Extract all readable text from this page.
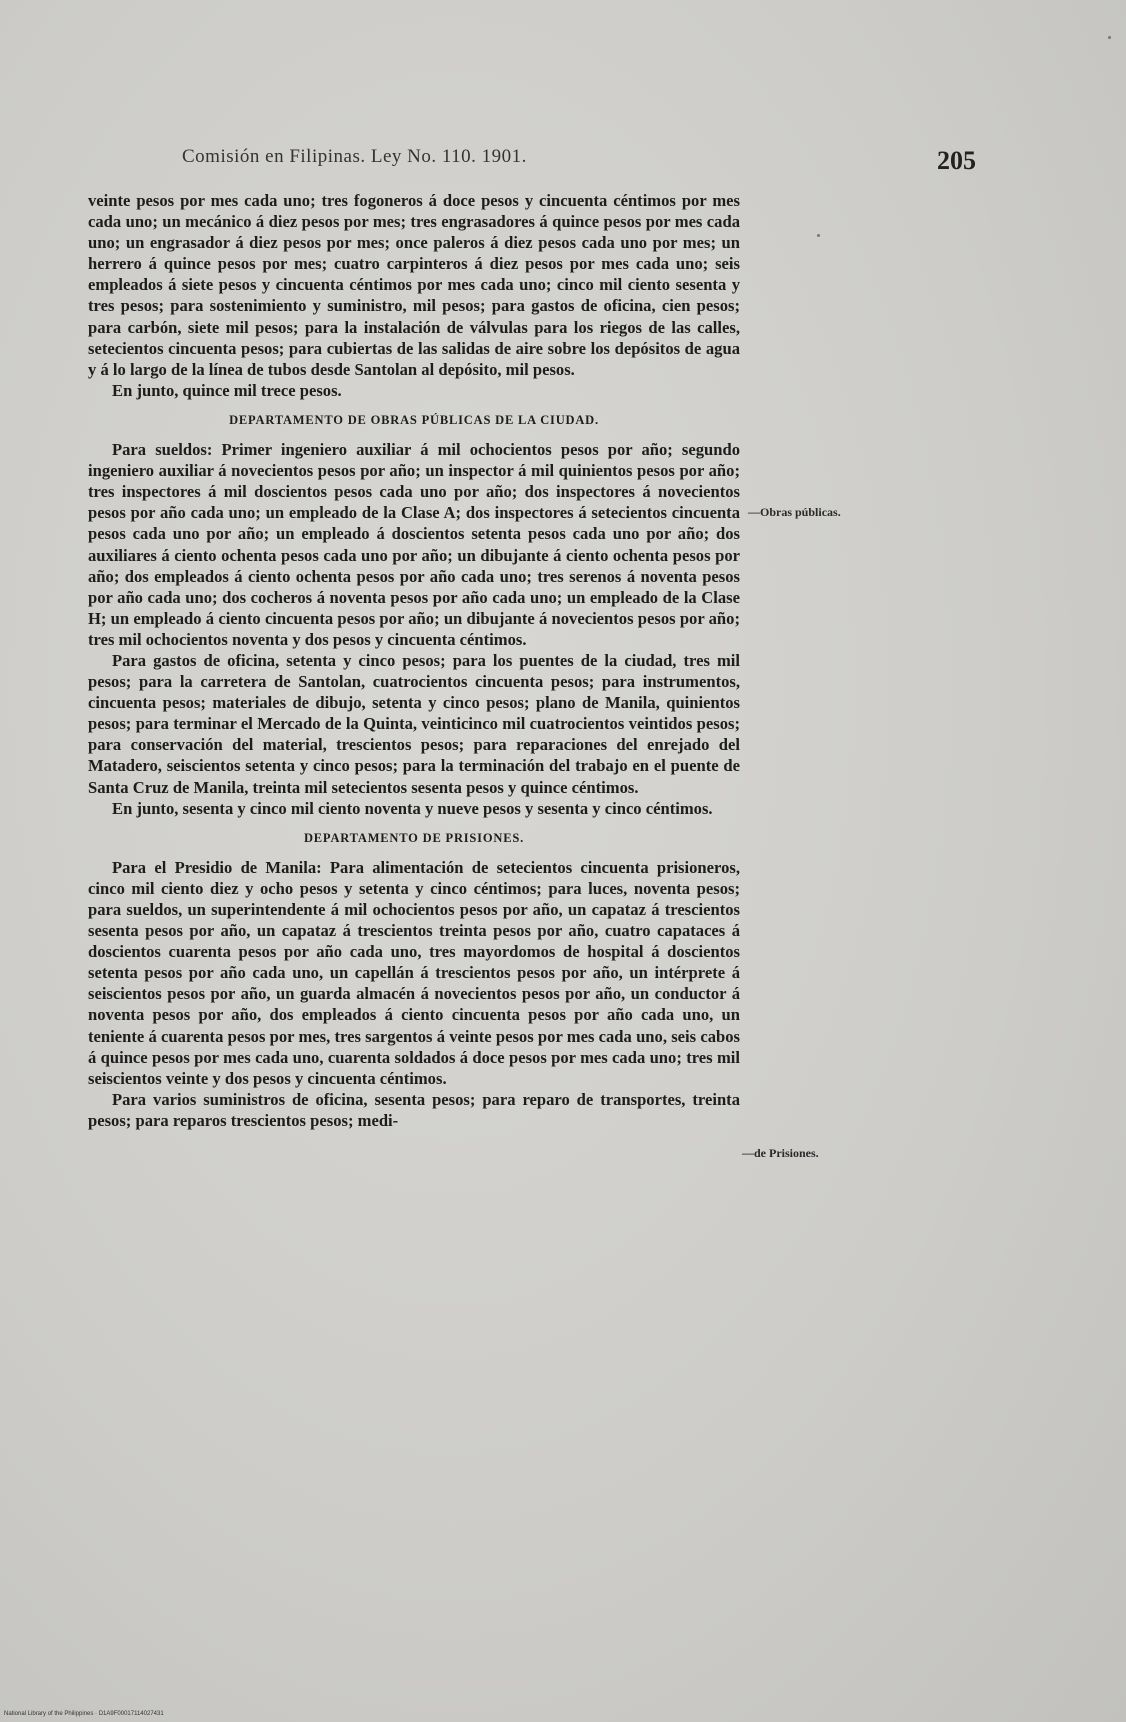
Comisión en Filipinas. Ley No. 110. 1901.	205

veinte pesos por mes cada uno; tres fogoneros á doce pesos y cincuenta céntimos por mes cada uno; un mecánico á diez pesos por mes; tres engrasadores á quince pesos por mes cada uno; un engrasador á diez pesos por mes; once paleros á diez pesos cada uno por mes; un herrero á quince pesos por mes; cuatro carpinteros á diez pesos por mes cada uno; seis empleados á siete pesos y cincuenta céntimos por mes cada uno; cinco mil ciento sesenta y tres pesos; para sostenimiento y suministro, mil pesos; para gastos de oficina, cien pesos; para carbón, siete mil pesos; para la instalación de válvulas para los riegos de las calles, setecientos cincuenta pesos; para cubiertas de las salidas de aire sobre los depósitos de agua y á lo largo de la línea de tubos desde Santolan al depósito, mil pesos.

En junto, quince mil trece pesos.

DEPARTAMENTO DE OBRAS PÚBLICAS DE LA CIUDAD.

Para sueldos: Primer ingeniero auxiliar á mil ochocientos pesos por año; segundo ingeniero auxiliar á novecientos pesos por año; un inspector á mil quinientos pesos por año; tres inspectores á mil doscientos pesos cada uno por año; dos inspectores á novecientos pesos por año cada uno; un empleado de la Clase A; dos inspectores á setecientos cincuenta pesos cada uno por año; un empleado á doscientos setenta pesos cada uno por año; dos auxiliares á ciento ochenta pesos cada uno por año; un dibujante á ciento ochenta pesos por año; dos empleados á ciento ochenta pesos por año cada uno; tres serenos á noventa pesos por año cada uno; dos cocheros á noventa pesos por año cada uno; un empleado de la Clase H; un empleado á ciento cincuenta pesos por año; un dibujante á novecientos pesos por año; tres mil ochocientos noventa y dos pesos y cincuenta céntimos.

Para gastos de oficina, setenta y cinco pesos; para los puentes de la ciudad, tres mil pesos; para la carretera de Santolan, cuatrocientos cincuenta pesos; para instrumentos, cincuenta pesos; materiales de dibujo, setenta y cinco pesos; plano de Manila, quinientos pesos; para terminar el Mercado de la Quinta, veinticinco mil cuatrocientos veintidos pesos; para conservación del material, trescientos pesos; para reparaciones del enrejado del Matadero, seiscientos setenta y cinco pesos; para la terminación del trabajo en el puente de Santa Cruz de Manila, treinta mil setecientos sesenta pesos y quince céntimos.

En junto, sesenta y cinco mil ciento noventa y nueve pesos y sesenta y cinco céntimos.

DEPARTAMENTO DE PRISIONES.

Para el Presidio de Manila: Para alimentación de setecientos cincuenta prisioneros, cinco mil ciento diez y ocho pesos y setenta y cinco céntimos; para luces, noventa pesos; para sueldos, un superintendente á mil ochocientos pesos por año, un capataz á trescientos sesenta pesos por año, un capataz á trescientos treinta pesos por año, cuatro capataces á doscientos cuarenta pesos por año cada uno, tres mayordomos de hospital á doscientos setenta pesos por año cada uno, un capellán á trescientos pesos por año, un intérprete á seiscientos pesos por año, un guarda almacén á novecientos pesos por año, un conductor á noventa pesos por año, dos empleados á ciento cincuenta pesos por año cada uno, un teniente á cuarenta pesos por mes, tres sargentos á veinte pesos por mes cada uno, seis cabos á quince pesos por mes cada uno, cuarenta soldados á doce pesos por mes cada uno; tres mil seiscientos veinte y dos pesos y cincuenta céntimos.

Para varios suministros de oficina, sesenta pesos; para reparo de transportes, treinta pesos; para reparos trescientos pesos; medi-

—Obras públicas.
—de Prisiones.
National Library of the Philippines · D1A9F00017114027431
